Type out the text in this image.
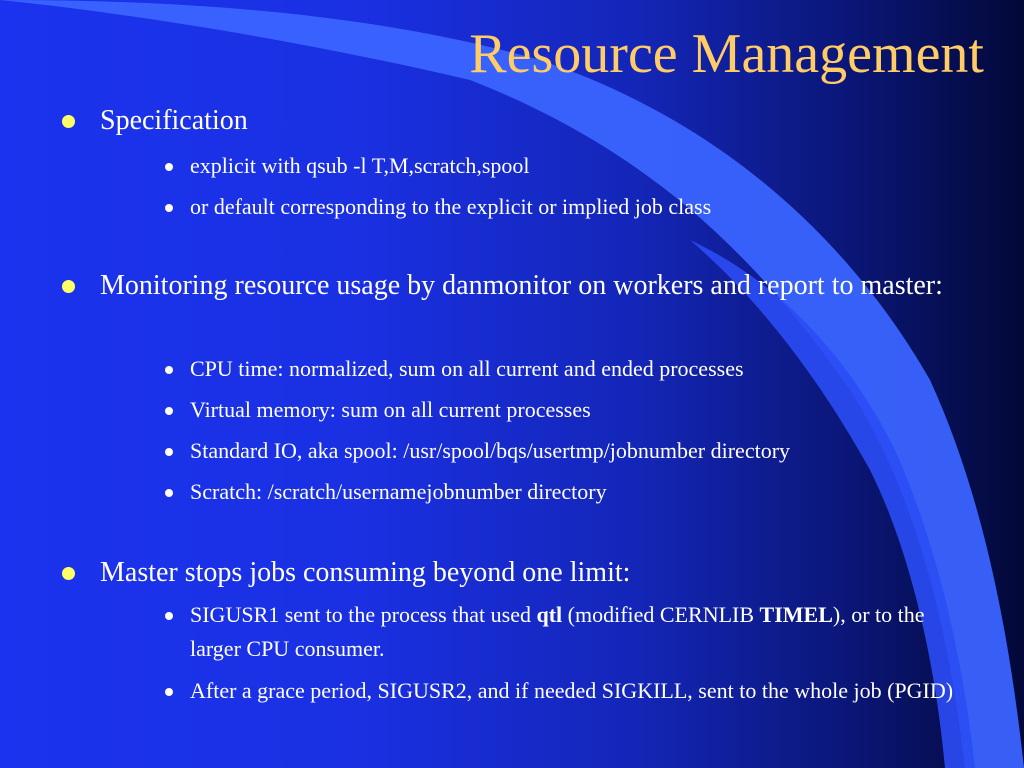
Resource Management
Specification
explicit with qsub -l T,M,scratch,spool
or default corresponding to the explicit or implied job class
Monitoring resource usage by danmonitor on workers and report to master:
CPU time: normalized, sum on all current and ended processes
Virtual memory: sum on all current processes
Standard IO, aka spool: /usr/spool/bqs/usertmp/jobnumber directory
Scratch: /scratch/usernamejobnumber directory
Master stops jobs consuming beyond one limit:
SIGUSR1 sent to the process that used qtl (modified CERNLIB TIMEL), or to the larger CPU consumer.
After a grace period, SIGUSR2, and if needed SIGKILL, sent to the whole job (PGID)
